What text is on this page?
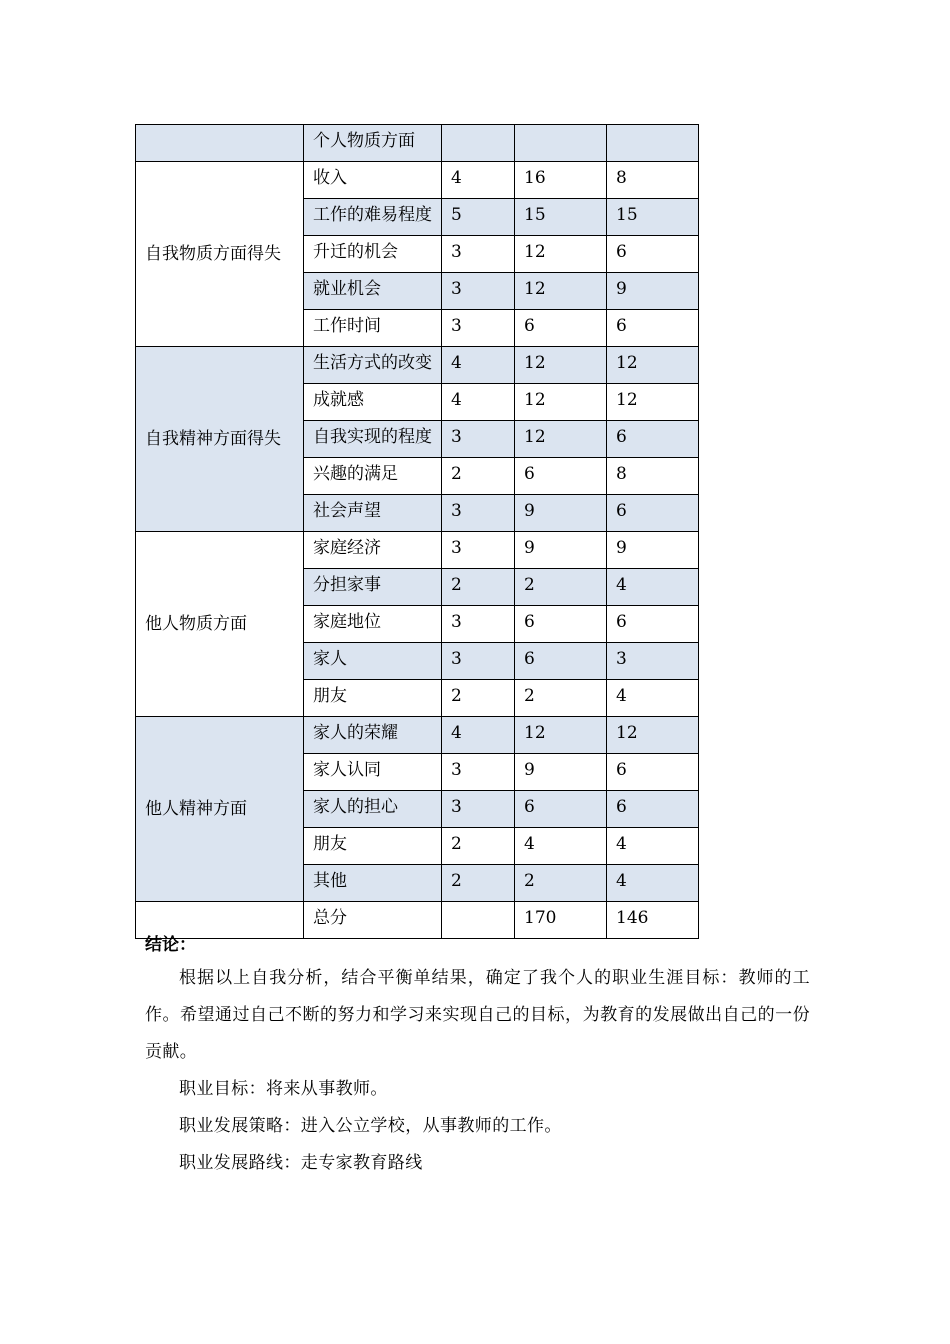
	个人物质方面			
自我物质方面得失	收入	4	16	8
	工作的难易程度	5	15	15
	升迁的机会	3	12	6
	就业机会	3	12	9
	工作时间	3	6	6
自我精神方面得失	生活方式的改变	4	12	12
	成就感	4	12	12
	自我实现的程度	3	12	6
	兴趣的满足	2	6	8
	社会声望	3	9	6
他人物质方面	家庭经济	3	9	9
	分担家事	2	2	4
	家庭地位	3	6	6
	家人	3	6	3
	朋友	2	2	4
他人精神方面	家人的荣耀	4	12	12
	家人认同	3	9	6
	家人的担心	3	6	6
	朋友	2	4	4
	其他	2	2	4
	总分		170	146
结论：

根据以上自我分析，结合平衡单结果，确定了我个人的职业生涯目标：教师的工作。希望通过自己不断的努力和学习来实现自己的目标，为教育的发展做出自己的一份贡献。

职业目标：将来从事教师。

职业发展策略：进入公立学校，从事教师的工作。

职业发展路线：走专家教育路线
